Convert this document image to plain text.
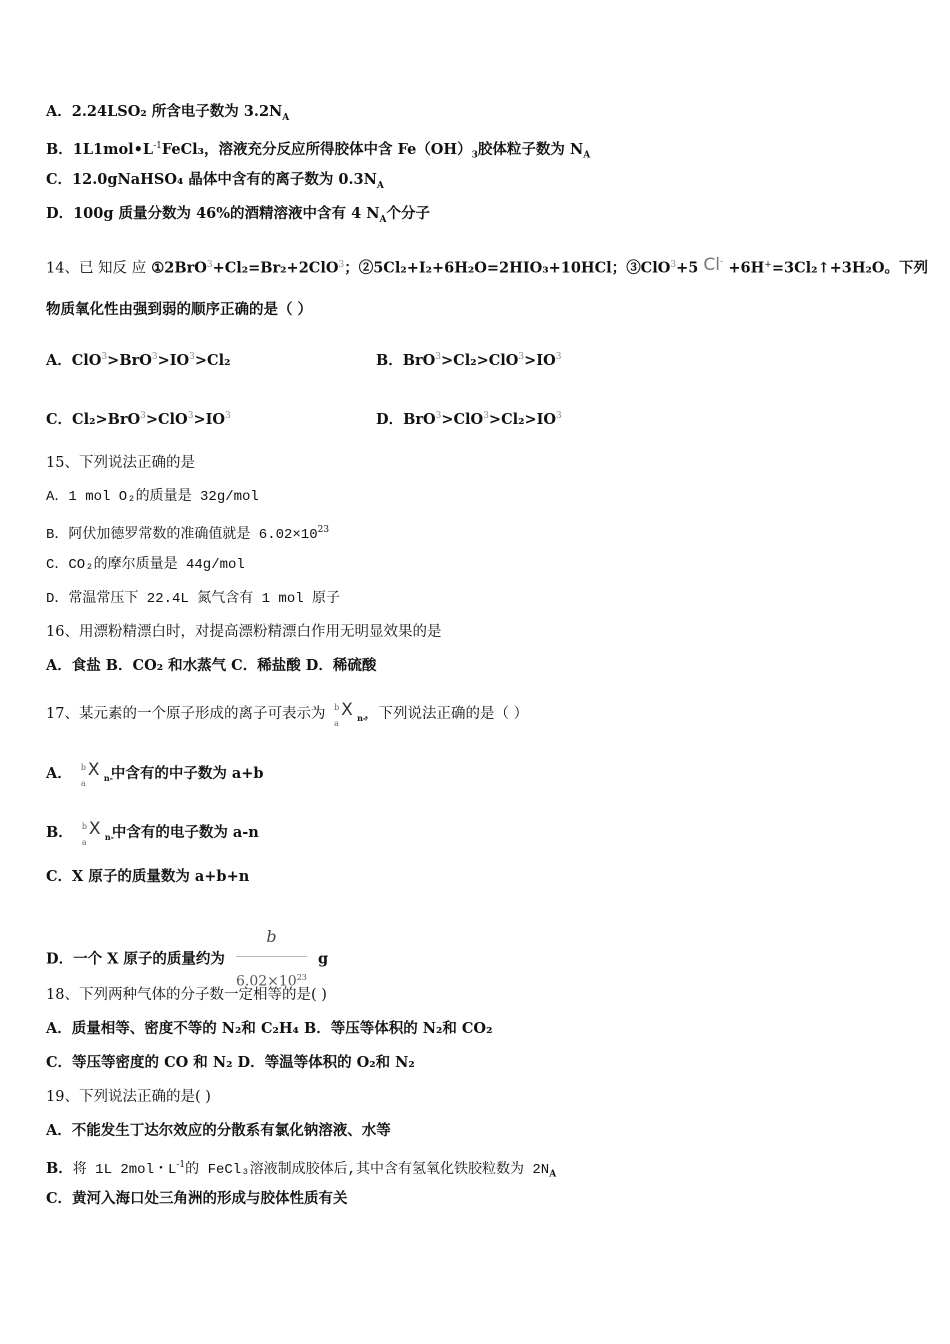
A．2.24LSO₂ 所含电子数为 $3.2N_A$
B．$1L1mol•L^{-1}FeCl_3$，溶液充分反应所得胶体中含 $Fe(OH)_3$胶体粒子数为 $N_A$
C．12.0gNaHSO₄ 晶体中含有的离子数为 $0.3N_A$
D．100g 质量分数为 46%的酒精溶液中含有 4 $N_A$个分子
14、已 知反 应 ①2BrO$^3$+Cl₂=Br₂+2ClO$^3$；②5Cl₂+I₂+6H₂O=2HIO₃+10HCl；③ClO$^3$+5 Cl- +6H+=3Cl₂↑+3H₂O。下列
物质氧化性由强到弱的顺序正确的是（ ）
A．$ClO^3>BrO^3>IO^3>Cl_2$	B．$BrO^3>Cl_2>ClO^3>IO^3$
C．$Cl_2>BrO^3>ClO^3>IO^3$	D．$BrO^3>ClO^3>Cl_2>IO^3$
15、下列说法正确的是
A．1 mol O₂的质量是 32g/mol
B．阿伏加德罗常数的准确值就是 $6.02\times 10^{23}$
C．CO₂的摩尔质量是 44g/mol
D．常温常压下 22.4L 氮气含有 1 mol 原子
16、用漂粉精漂白时，对提高漂粉精漂白作用无明显效果的是
A．食盐 B．CO₂ 和水蒸气 C．稀盐酸 D．稀硫酸
17、某元素的一个原子形成的离子可表示为 b
a
X n-
，下列说法正确的是（ ）
A． b
a
X n-
中含有的中子数为 a+b
B． b
a
X n-
中含有的电子数为 a-n
C．X 原子的质量数为 a+b+n
D．一个 X 原子的质量约为 $\frac{b}{6.02\times 10^{23}}$ g
18、下列两种气体的分子数一定相等的是( )
A．质量相等、密度不等的 N₂和 C₂H₄ B．等压等体积的 N₂和 CO₂
C．等压等密度的 CO 和 N₂ D．等温等体积的 O₂和 N₂
19、下列说法正确的是( )
A．不能发生丁达尔效应的分散系有氯化钠溶液、水等
B．将 1L 2mol・$L^{-1}$的 FeCl₃溶液制成胶体后,其中含有氢氧化铁胶粒数为 $2N_A$
C．黄河入海口处三角洲的形成与胶体性质有关
